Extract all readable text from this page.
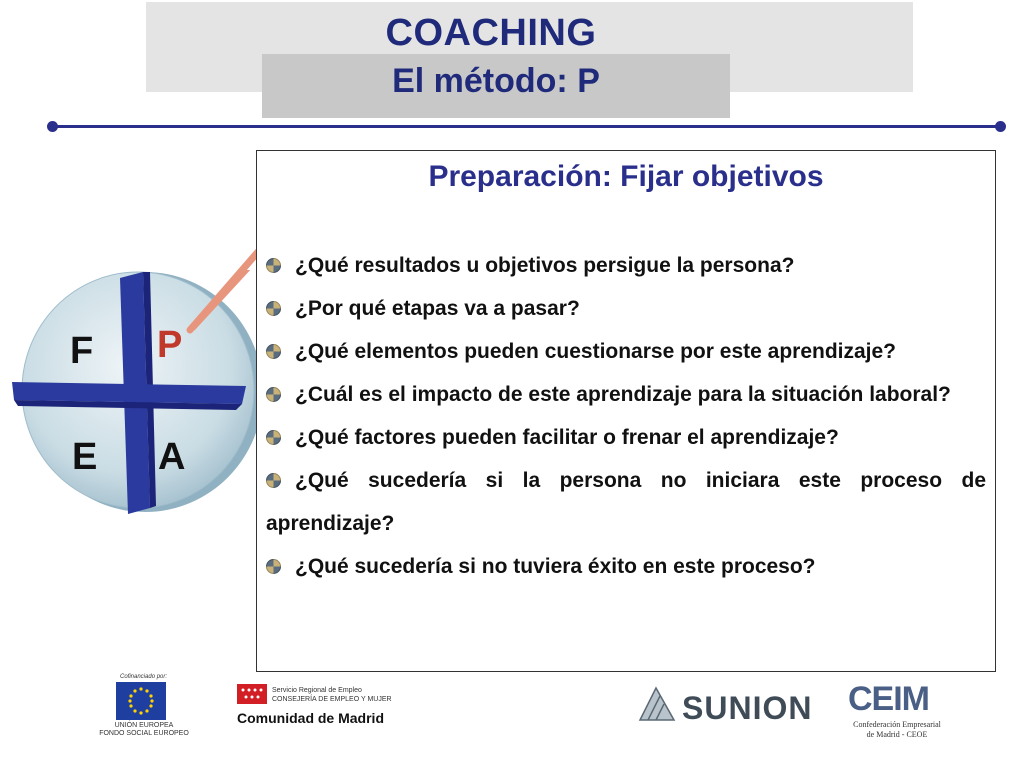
COACHING
El método: P
F P
E A
Preparación: Fijar objetivos
¿Qué resultados u objetivos persigue la persona?
¿Por qué etapas va a pasar?
¿Qué elementos pueden cuestionarse por este aprendizaje?
¿Cuál es el impacto de este aprendizaje para la situación laboral?
¿Qué factores pueden facilitar o frenar el aprendizaje?
¿Qué sucedería si la persona no iniciara este proceso de aprendizaje?
¿Qué sucedería si no tuviera éxito en este proceso?
Cofinanciado por:
UNIÓN EUROPEA
FONDO SOCIAL EUROPEO
Servicio Regional de Empleo
CONSEJERÍA DE EMPLEO Y MUJER
Comunidad de Madrid	SUNION CEIM
Confederación Empresarial
de Madrid - CEOE
